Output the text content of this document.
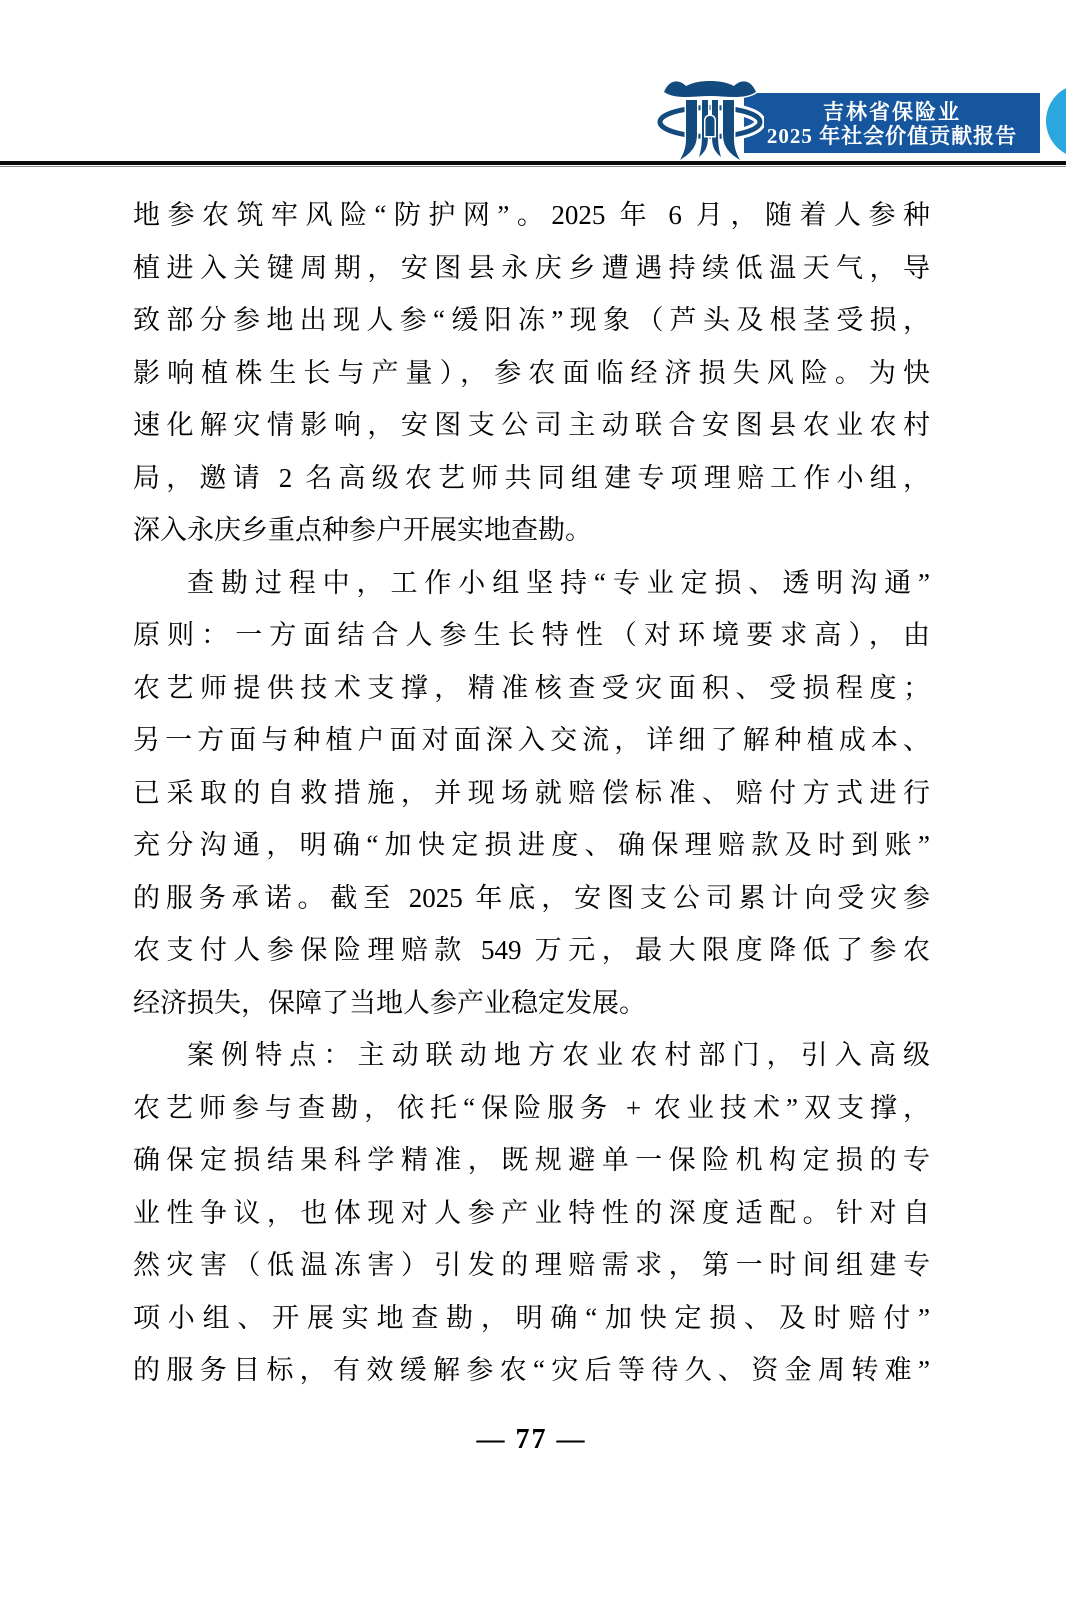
吉林省保险业
2025 年社会价值贡献报告
地参农筑牢风险“防护网”。2025 年 6 月，随着人参种
植进入关键周期，安图县永庆乡遭遇持续低温天气，导
致部分参地出现人参“缓阳冻”现象（芦头及根茎受损，
影响植株生长与产量），参农面临经济损失风险。为快
速化解灾情影响，安图支公司主动联合安图县农业农村
局，邀请 2 名高级农艺师共同组建专项理赔工作小组，
深入永庆乡重点种参户开展实地查勘。
查勘过程中，工作小组坚持“专业定损、透明沟通”
原则：一方面结合人参生长特性（对环境要求高），由
农艺师提供技术支撑，精准核查受灾面积、受损程度；
另一方面与种植户面对面深入交流，详细了解种植成本、
已采取的自救措施，并现场就赔偿标准、赔付方式进行
充分沟通，明确“加快定损进度、确保理赔款及时到账”
的服务承诺。截至 2025 年底，安图支公司累计向受灾参
农支付人参保险理赔款 549 万元，最大限度降低了参农
经济损失，保障了当地人参产业稳定发展。
案例特点：主动联动地方农业农村部门，引入高级
农艺师参与查勘，依托“保险服务 + 农业技术”双支撑，
确保定损结果科学精准，既规避单一保险机构定损的专
业性争议，也体现对人参产业特性的深度适配。针对自
然灾害（低温冻害）引发的理赔需求，第一时间组建专
项小组、开展实地查勘，明确“加快定损、及时赔付”
的服务目标，有效缓解参农“灾后等待久、资金周转难”
— 77 —
